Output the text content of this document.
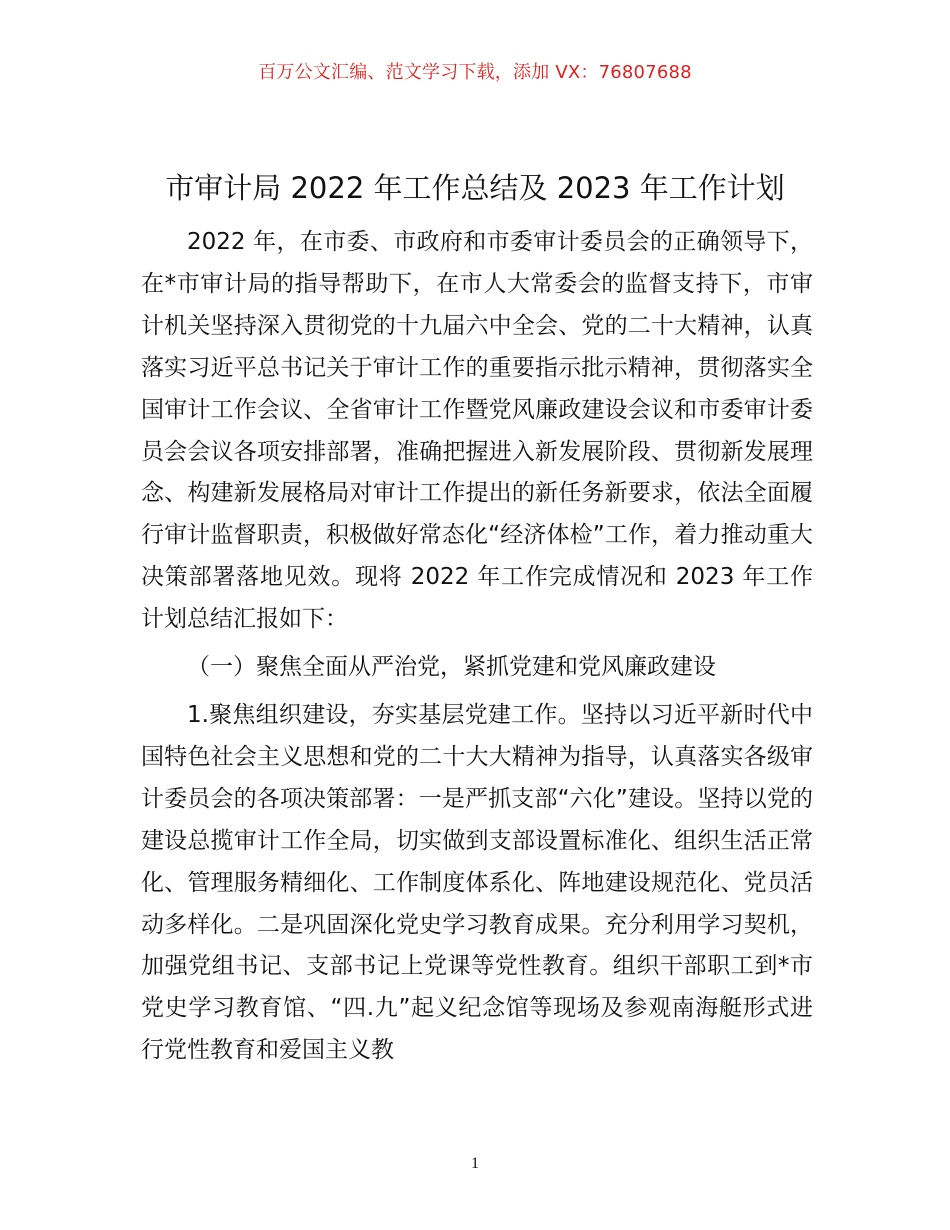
百万公文汇编、范文学习下载，添加 VX：76807688
市审计局 2022 年工作总结及 2023 年工作计划

2022 年，在市委、市政府和市委审计委员会的正确领导下，在*市审计局的指导帮助下，在市人大常委会的监督支持下，市审计机关坚持深入贯彻党的十九届六中全会、党的二十大精神，认真落实习近平总书记关于审计工作的重要指示批示精神，贯彻落实全国审计工作会议、全省审计工作暨党风廉政建设会议和市委审计委员会会议各项安排部署，准确把握进入新发展阶段、贯彻新发展理念、构建新发展格局对审计工作提出的新任务新要求，依法全面履行审计监督职责，积极做好常态化“经济体检”工作，着力推动重大决策部署落地见效。现将 2022 年工作完成情况和 2023 年工作计划总结汇报如下：

（一）聚焦全面从严治党，紧抓党建和党风廉政建设

1.聚焦组织建设，夯实基层党建工作。坚持以习近平新时代中国特色社会主义思想和党的二十大大精神为指导，认真落实各级审计委员会的各项决策部署：一是严抓支部“六化”建设。坚持以党的建设总揽审计工作全局，切实做到支部设置标准化、组织生活正常化、管理服务精细化、工作制度体系化、阵地建设规范化、党员活动多样化。二是巩固深化党史学习教育成果。充分利用学习契机，加强党组书记、支部书记上党课等党性教育。组织干部职工到*市党史学习教育馆、“四.九”起义纪念馆等现场及参观南海艇形式进行党性教育和爱国主义教

1
